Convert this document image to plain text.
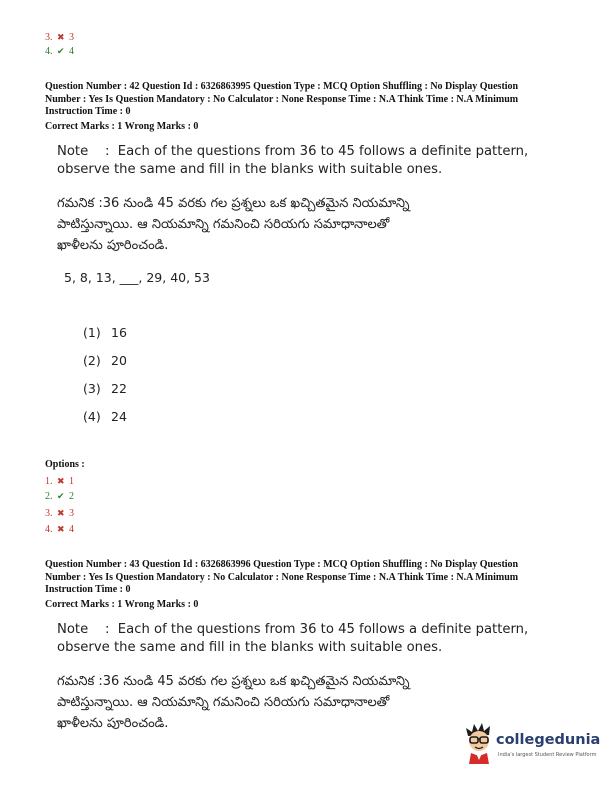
3. ✖ 3
4. ✔ 4
Question Number : 42 Question Id : 6326863995 Question Type : MCQ Option Shuffling : No Display Question
Number : Yes Is Question Mandatory : No Calculator : None Response Time : N.A Think Time : N.A Minimum
Instruction Time : 0
Correct Marks : 1 Wrong Marks : 0
Note    :  Each of the questions from 36 to 45 follows a definite pattern,
observe the same and fill in the blanks with suitable ones.
గమనిక :36 నుండి 45 వరకు గల ప్రశ్నలు ఒక ఖచ్చితమైన నియమాన్ని
పాటిస్తున్నాయి. ఆ నియమాన్ని గమనించి సరియగు సమాధానాలతో
ఖాళీలను పూరించండి.
5, 8, 13, ___, 29, 40, 53
(1) 16
(2) 20
(3) 22
(4) 24
Options :
1. ✖ 1
2. ✔ 2
3. ✖ 3
4. ✖ 4
Question Number : 43 Question Id : 6326863996 Question Type : MCQ Option Shuffling : No Display Question
Number : Yes Is Question Mandatory : No Calculator : None Response Time : N.A Think Time : N.A Minimum
Instruction Time : 0
Correct Marks : 1 Wrong Marks : 0
Note    :  Each of the questions from 36 to 45 follows a definite pattern,
observe the same and fill in the blanks with suitable ones.
గమనిక :36 నుండి 45 వరకు గల ప్రశ్నలు ఒక ఖచ్చితమైన నియమాన్ని
పాటిస్తున్నాయి. ఆ నియమాన్ని గమనించి సరియగు సమాధానాలతో
ఖాళీలను పూరించండి.
collegedunia
India's largest Student Review Platform
